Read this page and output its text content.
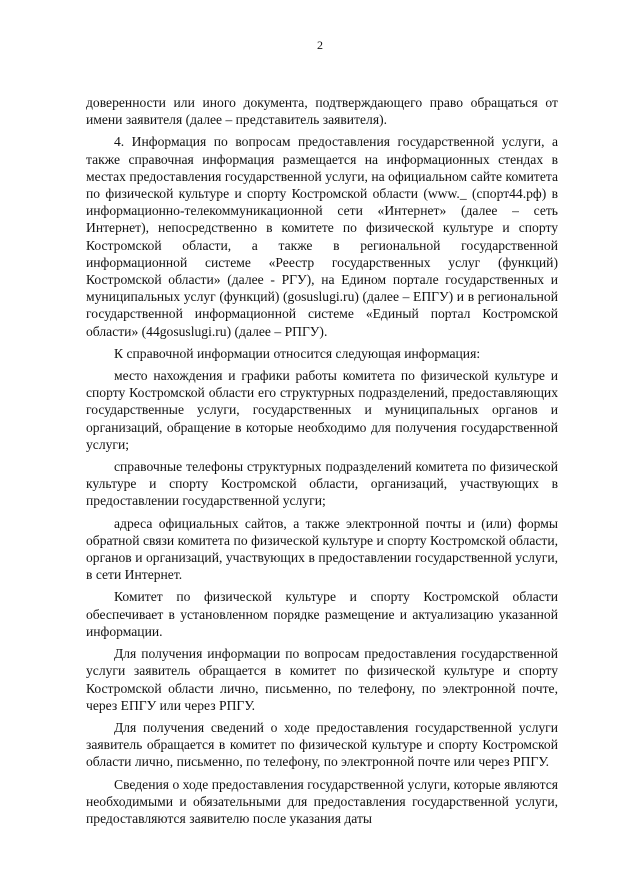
2

доверенности или иного документа, подтверждающего право обращаться от имени заявителя (далее – представитель заявителя).

4. Информация по вопросам предоставления государственной услуги, а также справочная информация размещается на информационных стендах в местах предоставления государственной услуги, на официальном сайте комитета по физической культуре и спорту Костромской области (www._ (спорт44.рф) в информационно-телекоммуникационной сети «Интернет» (далее – сеть Интернет), непосредственно в комитете по физической культуре и спорту Костромской области, а также в региональной государственной информационной системе «Реестр государственных услуг (функций) Костромской области» (далее - РГУ), на Едином портале государственных и муниципальных услуг (функций) (gosuslugi.ru) (далее – ЕПГУ) и в региональной государственной информационной системе «Единый портал Костромской области» (44gosuslugi.ru) (далее – РПГУ).

К справочной информации относится следующая информация:

место нахождения и графики работы комитета по физической культуре и спорту Костромской области его структурных подразделений, предоставляющих государственные услуги, государственных и муниципальных органов и организаций, обращение в которые необходимо для получения государственной услуги;

справочные телефоны структурных подразделений комитета по физической культуре и спорту Костромской области, организаций, участвующих в предоставлении государственной услуги;

адреса официальных сайтов, а также электронной почты и (или) формы обратной связи комитета по физической культуре и спорту Костромской области, органов и организаций, участвующих в предоставлении государственной услуги, в сети Интернет.

Комитет по физической культуре и спорту Костромской области обеспечивает в установленном порядке размещение и актуализацию указанной информации.

Для получения информации по вопросам предоставления государственной услуги заявитель обращается в комитет по физической культуре и спорту Костромской области лично, письменно, по телефону, по электронной почте, через ЕПГУ или через РПГУ.

Для получения сведений о ходе предоставления государственной услуги заявитель обращается в комитет по физической культуре и спорту Костромской области лично, письменно, по телефону, по электронной почте или через РПГУ.

Сведения о ходе предоставления государственной услуги, которые являются необходимыми и обязательными для предоставления государственной услуги, предоставляются заявителю после указания даты
